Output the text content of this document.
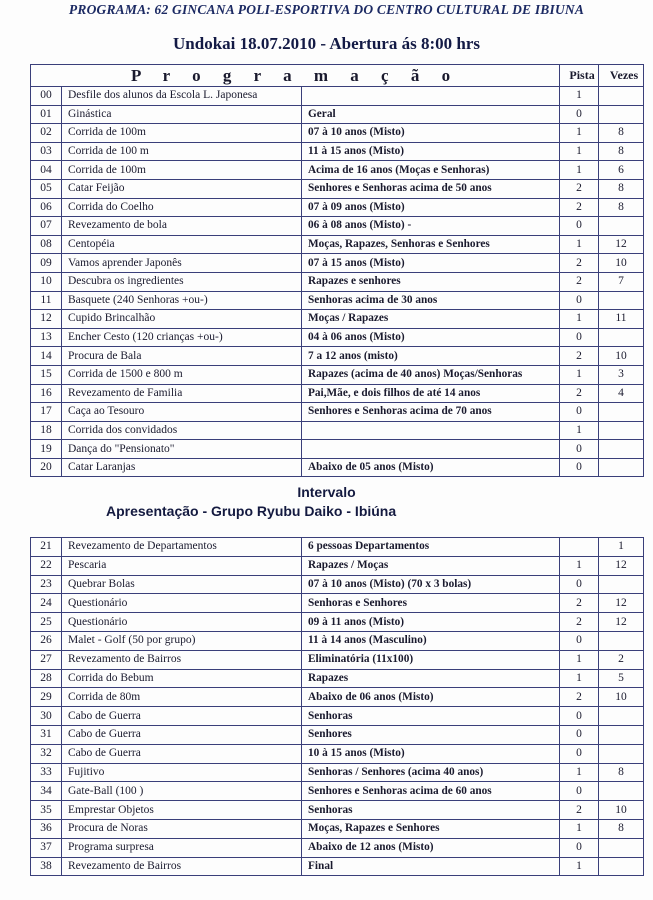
PROGRAMA: 62 GINCANA POLI-ESPORTIVA DO CENTRO CULTURAL DE IBIUNA
Undokai 18.07.2010 - Abertura ás 8:00 hrs
P r o g r a m a ç ã o			Pista	Vezes
00	Desfile dos alunos da Escola L. Japonesa		1	
01	Ginástica	Geral	0	
02	Corrida de 100m	07 à 10 anos (Misto)	1	8
03	Corrida de 100 m	11 à 15 anos (Misto)	1	8
04	Corrida de 100m	Acima de 16 anos (Moças e Senhoras)	1	6
05	Catar Feijão	Senhores e Senhoras acima de 50 anos	2	8
06	Corrida do Coelho	07 à 09 anos (Misto)	2	8
07	Revezamento de bola	06 à 08 anos (Misto) -	0	
08	Centopéia	Moças, Rapazes, Senhoras e Senhores	1	12
09	Vamos aprender Japonês	07 à 15 anos (Misto)	2	10
10	Descubra os ingredientes	Rapazes e senhores	2	7
11	Basquete (240 Senhoras +ou-)	Senhoras acima de 30 anos	0	
12	Cupido Brincalhão	Moças / Rapazes	1	11
13	Encher Cesto (120 crianças +ou-)	04 à 06 anos (Misto)	0	
14	Procura de Bala	7 a 12 anos (misto)	2	10
15	Corrida de 1500 e 800 m	Rapazes (acima de 40 anos) Moças/Senhoras	1	3
16	Revezamento de Familia	Pai,Mãe, e dois filhos de até 14 anos	2	4
17	Caça ao Tesouro	Senhores e Senhoras acima de 70 anos	0	
18	Corrida dos convidados		1	
19	Dança do "Pensionato"		0	
20	Catar Laranjas	Abaixo de 05 anos (Misto)	0	
Intervalo
Apresentação - Grupo Ryubu Daiko - Ibiúna
21	Revezamento de Departamentos	6 pessoas Departamentos		1
22	Pescaria	Rapazes / Moças	1	12
23	Quebrar Bolas	07 à 10 anos (Misto) (70 x 3 bolas)	0	
24	Questionário	Senhoras e Senhores	2	12
25	Questionário	09 à 11 anos (Misto)	2	12
26	Malet - Golf (50 por grupo)	11 à 14 anos (Masculino)	0	
27	Revezamento de Bairros	Eliminatória (11x100)	1	2
28	Corrida do Bebum	Rapazes	1	5
29	Corrida de 80m	Abaixo de 06 anos (Misto)	2	10
30	Cabo de Guerra	Senhoras	0	
31	Cabo de Guerra	Senhores	0	
32	Cabo de Guerra	10 à 15 anos (Misto)	0	
33	Fujitivo	Senhoras / Senhores (acima 40 anos)	1	8
34	Gate-Ball (100 )	Senhores e Senhoras acima de 60 anos	0	
35	Emprestar Objetos	Senhoras	2	10
36	Procura de Noras	Moças, Rapazes e Senhores	1	8
37	Programa surpresa	Abaixo de 12 anos (Misto)	0	
38	Revezamento de Bairros	Final	1	
